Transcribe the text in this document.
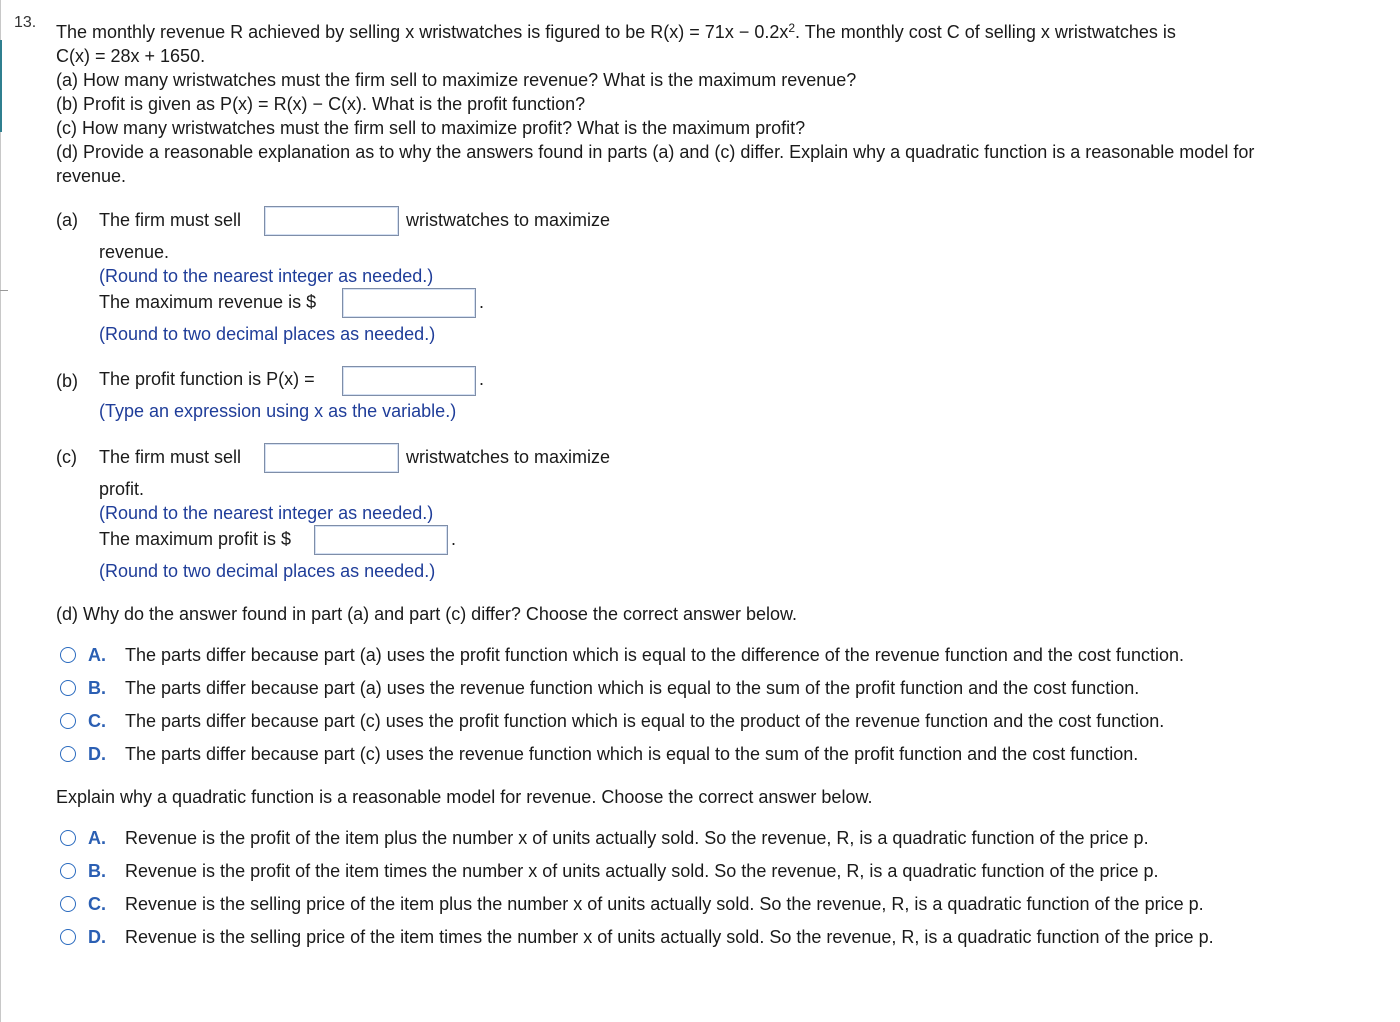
13. The monthly revenue R achieved by selling x wristwatches is figured to be $R(x) = 71x - 0.2x^2$. The monthly cost C of selling x wristwatches is

C(x) = 28x + 1650.

(a) How many wristwatches must the firm sell to maximize revenue? What is the maximum revenue?

(b) Profit is given as P(x) = R(x) − C(x). What is the profit function?

(c) How many wristwatches must the firm sell to maximize profit? What is the maximum profit?

(d) Provide a reasonable explanation as to why the answers found in parts (a) and (c) differ. Explain why a quadratic function is a reasonable model for

revenue.

(a) The firm must sell	wristwatches to maximize
revenue.
(Round to the nearest integer as needed.)
The maximum revenue is $	.
(Round to two decimal places as needed.)
(b) The profit function is P(x) =	.
(Type an expression using x as the variable.)
(c) The firm must sell	wristwatches to maximize
profit.
(Round to the nearest integer as needed.)
The maximum profit is $	.
(Round to two decimal places as needed.)
(d) Why do the answer found in part (a) and part (c) differ? Choose the correct answer below.
A.	The parts differ because part (a) uses the profit function which is equal to the difference of the revenue function and the cost function.
B.	The parts differ because part (a) uses the revenue function which is equal to the sum of the profit function and the cost function.
C.	The parts differ because part (c) uses the profit function which is equal to the product of the revenue function and the cost function.
D.	The parts differ because part (c) uses the revenue function which is equal to the sum of the profit function and the cost function.
Explain why a quadratic function is a reasonable model for revenue. Choose the correct answer below.
A.	Revenue is the profit of the item plus the number x of units actually sold. So the revenue, R, is a quadratic function of the price p.
B.	Revenue is the profit of the item times the number x of units actually sold. So the revenue, R, is a quadratic function of the price p.
C.	Revenue is the selling price of the item plus the number x of units actually sold. So the revenue, R, is a quadratic function of the price p.
D.	Revenue is the selling price of the item times the number x of units actually sold. So the revenue, R, is a quadratic function of the price p.
